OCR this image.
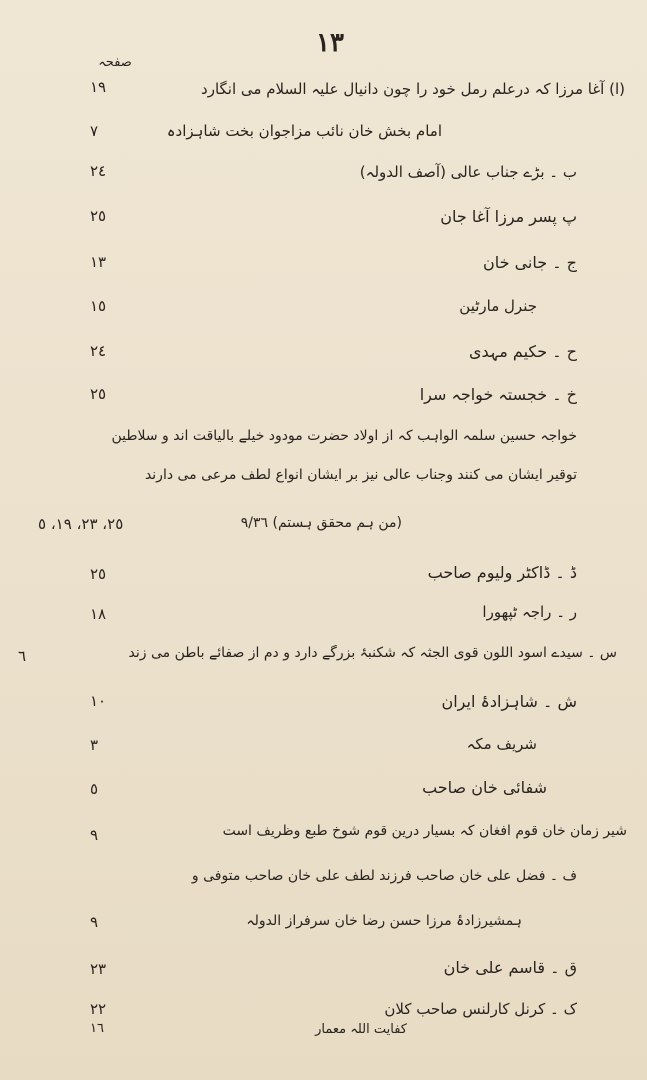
١٣
صفحہ
(ا) آغا مرزا کہ درعلم رمل خود را چون دانیال علیہ السلام می انگارد
١٩
امام بخش خان نائب مزاجوان بخت شاہزادہ
٧
ب ۔ بڑے جناب عالی (آصف الدولہ)
٢٤
پ پسر مرزا آغا جان
٢٥
ج ۔ جانی خان
١٣
جنرل مارٹین
١٥
ح ۔ حکیم مہدی
٢٤
خ ۔ خجستہ خواجہ سرا
٢٥
خواجہ حسین سلمہ الواہب کہ از اولاد حضرت مودود خیلے بالیاقت اند و سلاطین
توقیر ایشان می کنند وجناب عالی نیز بر ایشان انواع لطف مرعی می دارند
(من ہم محقق ہستم) ٩/٣٦
٢٥، ٢٣، ١٩، ٥
ڈ ۔ ڈاکٹر ولیوم صاحب
٢٥
ر ۔ راجہ ٹپھورا
١٨
س ۔ سیدے اسود اللون قوی الجثہ کہ شکنبۂ بزرگے دارد و دم از صفائے باطن می زند
٦
ش ۔ شاہزادۂ ایران
١٠
شریف مکہ
٣
شفائی خان صاحب
٥
شیر زمان خان قوم افغان کہ بسیار درین قوم شوخ طبع وظریف است
٩
ف ۔ فضل علی خان صاحب فرزند لطف علی خان صاحب متوفی و
ہمشیرزادۂ مرزا حسن رضا خان سرفراز الدولہ
٩
ق ۔ قاسم علی خان
٢٣
ک ۔ کرنل کارلنس صاحب کلان
٢٢
کفایت اللہ معمار
١٦
